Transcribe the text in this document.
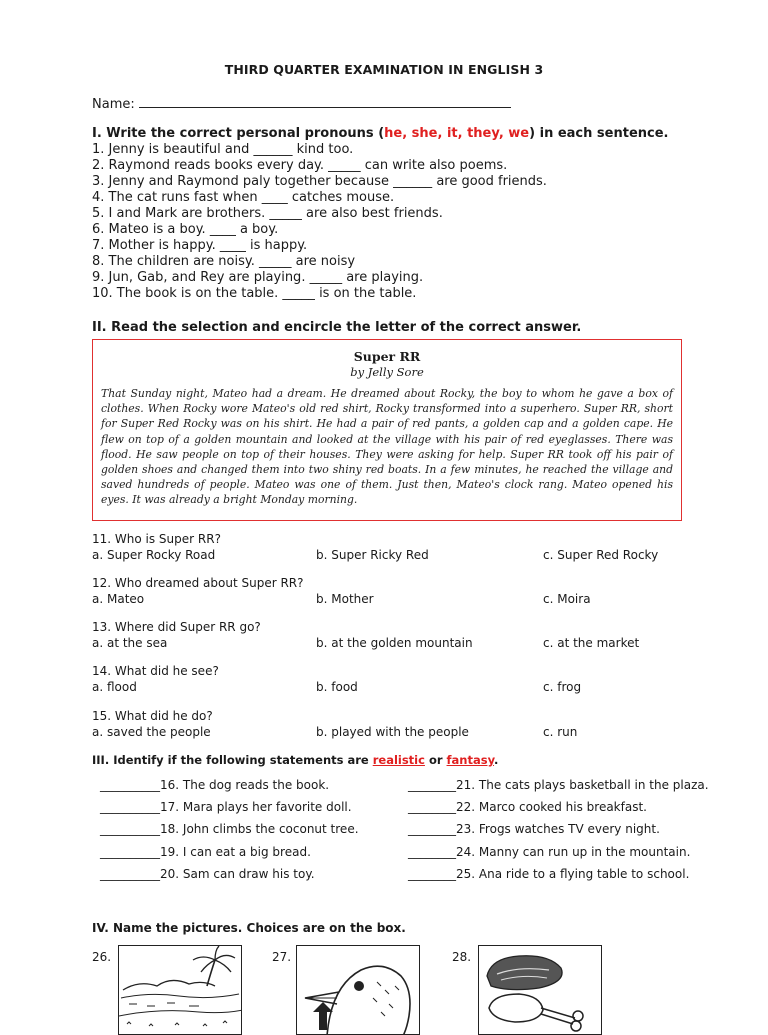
THIRD QUARTER EXAMINATION IN ENGLISH 3
Name:
I. Write the correct personal pronouns (he, she, it, they, we) in each sentence.
1. Jenny is beautiful and ______ kind too.
2. Raymond reads books every day. _____ can write also poems.
3. Jenny and Raymond paly together because ______ are good friends.
4. The cat runs fast when ____ catches mouse.
5. I and Mark are brothers. _____ are also best friends.
6. Mateo is a boy. ____ a boy.
7. Mother is happy. ____ is happy.
8. The children are noisy. _____ are noisy
9. Jun, Gab, and Rey are playing. _____ are playing.
10. The book is on the table. _____ is on the table.
II. Read the selection and encircle the letter of the correct answer.
Super RR
by Jelly Sore
That Sunday night, Mateo had a dream. He dreamed about Rocky, the boy to whom he gave a box of clothes. When Rocky wore Mateo's old red shirt, Rocky transformed into a superhero. Super RR, short for Super Red Rocky was on his shirt. He had a pair of red pants, a golden cap and a golden cape. He flew on top of a golden mountain and looked at the village with his pair of red eyeglasses. There was flood. He saw people on top of their houses. They were asking for help. Super RR took off his pair of golden shoes and changed them into two shiny red boats. In a few minutes, he reached the village and saved hundreds of people. Mateo was one of them. Just then, Mateo's clock rang. Mateo opened his eyes. It was already a bright Monday morning.
11. Who is Super RR?
a. Super Rocky Road	b. Super Ricky Red	c. Super Red Rocky
12. Who dreamed about Super RR?
a. Mateo	b. Mother	c. Moira
13. Where did Super RR go?
a. at the sea	b. at the golden mountain	c. at the market
14. What did he see?
a. flood	b. food	c. frog
15. What did he do?
a. saved the people	b. played with the people	c. run
III. Identify if the following statements are realistic or fantasy.
__________16. The dog reads the book.
__________17. Mara plays her favorite doll.
__________18. John climbs the coconut tree.
__________19. I can eat a big bread.
__________20. Sam can draw his toy.
________21. The cats plays basketball in the plaza.
________22. Marco cooked his breakfast.
________23. Frogs watches TV every night.
________24. Manny can run up in the mountain.
________25. Ana ride to a flying table to school.
IV. Name the pictures. Choices are on the box.
26.	27.	28.
